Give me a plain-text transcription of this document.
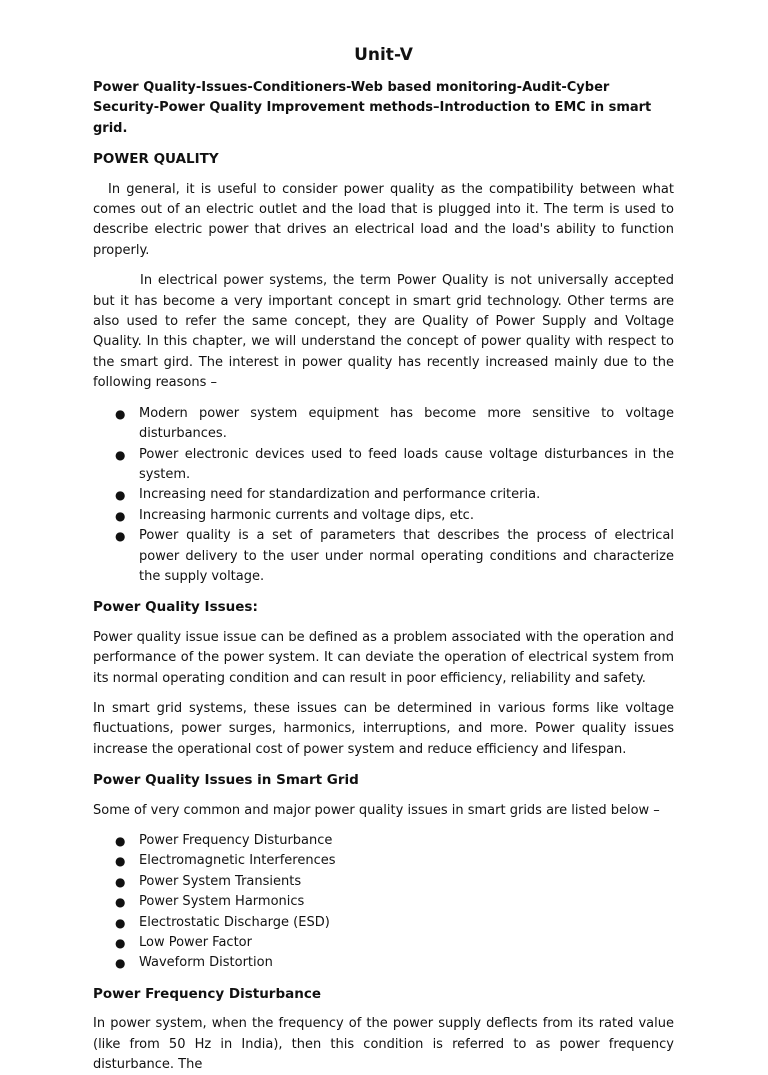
Unit-V
Power Quality-Issues-Conditioners-Web based monitoring-Audit-Cyber Security-Power Quality Improvement methods–Introduction to EMC in smart grid.
POWER QUALITY

In general, it is useful to consider power quality as the compatibility between what comes out of an electric outlet and the load that is plugged into it. The term is used to describe electric power that drives an electrical load and the load's ability to function properly.

In electrical power systems, the term Power Quality is not universally accepted but it has become a very important concept in smart grid technology. Other terms are also used to refer the same concept, they are Quality of Power Supply and Voltage Quality. In this chapter, we will understand the concept of power quality with respect to the smart gird. The interest in power quality has recently increased mainly due to the following reasons –

● Modern power system equipment has become more sensitive to voltage disturbances.
● Power electronic devices used to feed loads cause voltage disturbances in the system.
● Increasing need for standardization and performance criteria.
● Increasing harmonic currents and voltage dips, etc.
● Power quality is a set of parameters that describes the process of electrical power delivery to the user under normal operating conditions and characterize the supply voltage.
Power Quality Issues:

Power quality issue issue can be defined as a problem associated with the operation and performance of the power system. It can deviate the operation of electrical system from its normal operating condition and can result in poor efficiency, reliability and safety.

In smart grid systems, these issues can be determined in various forms like voltage fluctuations, power surges, harmonics, interruptions, and more. Power quality issues increase the operational cost of power system and reduce efficiency and lifespan.

Power Quality Issues in Smart Grid

Some of very common and major power quality issues in smart grids are listed below –

● Power Frequency Disturbance
● Electromagnetic Interferences
● Power System Transients
● Power System Harmonics
● Electrostatic Discharge (ESD)
● Low Power Factor
● Waveform Distortion
Power Frequency Disturbance

In power system, when the frequency of the power supply deflects from its rated value (like from 50 Hz in India), then this condition is referred to as power frequency disturbance. The
